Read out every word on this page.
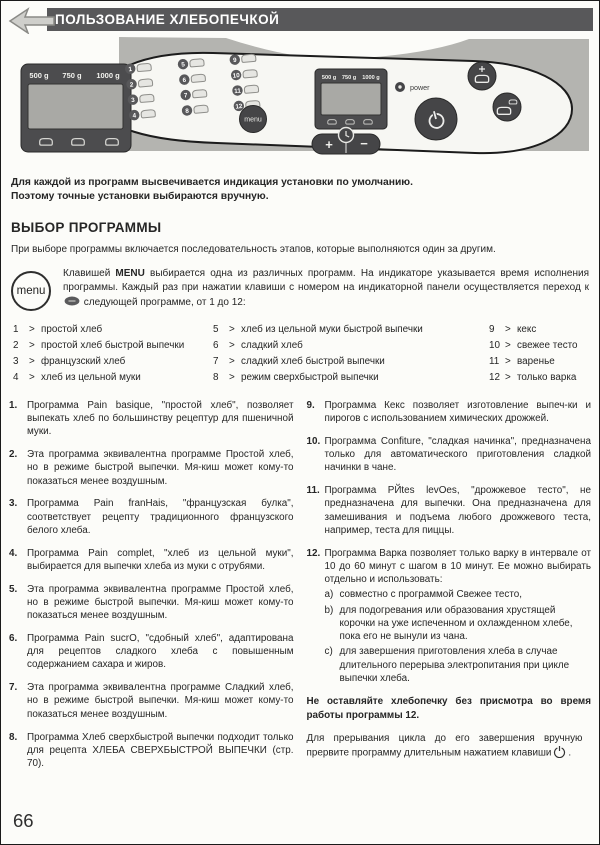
ПОЛЬЗОВАНИЕ ХЛЕБОПЕЧКОЙ
500 g 750 g 1000 g
1
2
3
4
5
6
7
8
9
10
11
12
menu
500 g 750 g 1000 g
+ −
power
Для каждой из программ высвечивается индикация установки по умолчанию.
Поэтому точные установки выбираются вручную.
ВЫБОР ПРОГРАММЫ

При выборе программы включается последовательность этапов, которые выполняются один за другим.

menu

Клавишей MENU выбирается одна из различных программ. На индикаторе указывается время исполнения программы. Каждый раз при нажатии клавиши с номером на индикаторной панели осуществляется переход к  следующей программе, от 1 до 12:

1	> простой хлеб
2	> простой хлеб быстрой выпечки
3	> французский хлеб
4	> хлеб из цельной муки
5	> хлеб из цельной муки быстрой выпечки
6	> сладкий хлеб
7	> сладкий хлеб быстрой выпечки
8	> режим сверхбыстрой выпечки
9	> кекс
10 > свежее тесто
11 > варенье
12 > только варка
1. Программа Pain basique, "простой хлеб", позволяет выпекать хлеб по большинству рецептур для пшеничной муки.

2. Эта программа эквивалентна программе Простой хлеб, но в режиме быстрой выпечки. Мя-киш может кому-то показаться менее воздушным.

3. Программа Pain franHais, "французская булка", соответствует рецепту традиционного французского белого хлеба.

4. Программа Pain complet, "хлеб из цельной муки", выбирается для выпечки хлеба из муки с отрубями.

5. Эта программа эквивалентна программе Простой хлеб, но в режиме быстрой выпечки. Мя-киш может кому-то показаться менее воздушным.

6. Программа Pain sucrO, "сдобный хлеб", адаптирована для рецептов сладкого хлеба с повышенным содержанием сахара и жиров.

7. Эта программа эквивалентна программе Сладкий хлеб, но в режиме быстрой выпечки. Мя-киш может кому-то показаться менее воздушным.

8. Программа Хлеб сверхбыстрой выпечки подходит только для рецепта ХЛЕБА СВЕРХБЫСТРОЙ ВЫПЕЧКИ (стр. 70).

9. Программа Кекс позволяет изготовление выпеч-ки и пирогов с использованием химических дрожжей.

10. Программа Confiture, "сладкая начинка", предназначена только для автоматического приготовления сладкой начинки в чане.

11. Программа PЙtes levOes, "дрожжевое тесто", не предназначена для выпечки. Она предназначена для замешивания и подъема любого дрожжевого теста, например, теста для пиццы.

12. Программа Варка позволяет только варку в интервале от 10 до 60 минут с шагом в 10 минут. Ее можно выбирать отдельно и использовать:

a) совместно с программой Свежее тесто,

b) для подогревания или образования хрустящей корочки на уже испеченном и охлажденном хлебе, пока его не вынули из чана.

c) для завершения приготовления хлеба в случае длительного перерыва электропитания при цикле выпечки хлеба.

Не оставляйте хлебопечку без присмотра во время работы программы 12.

Для прерывания цикла до его завершения вручную прервите программу длительным нажатием клавиши .

66
